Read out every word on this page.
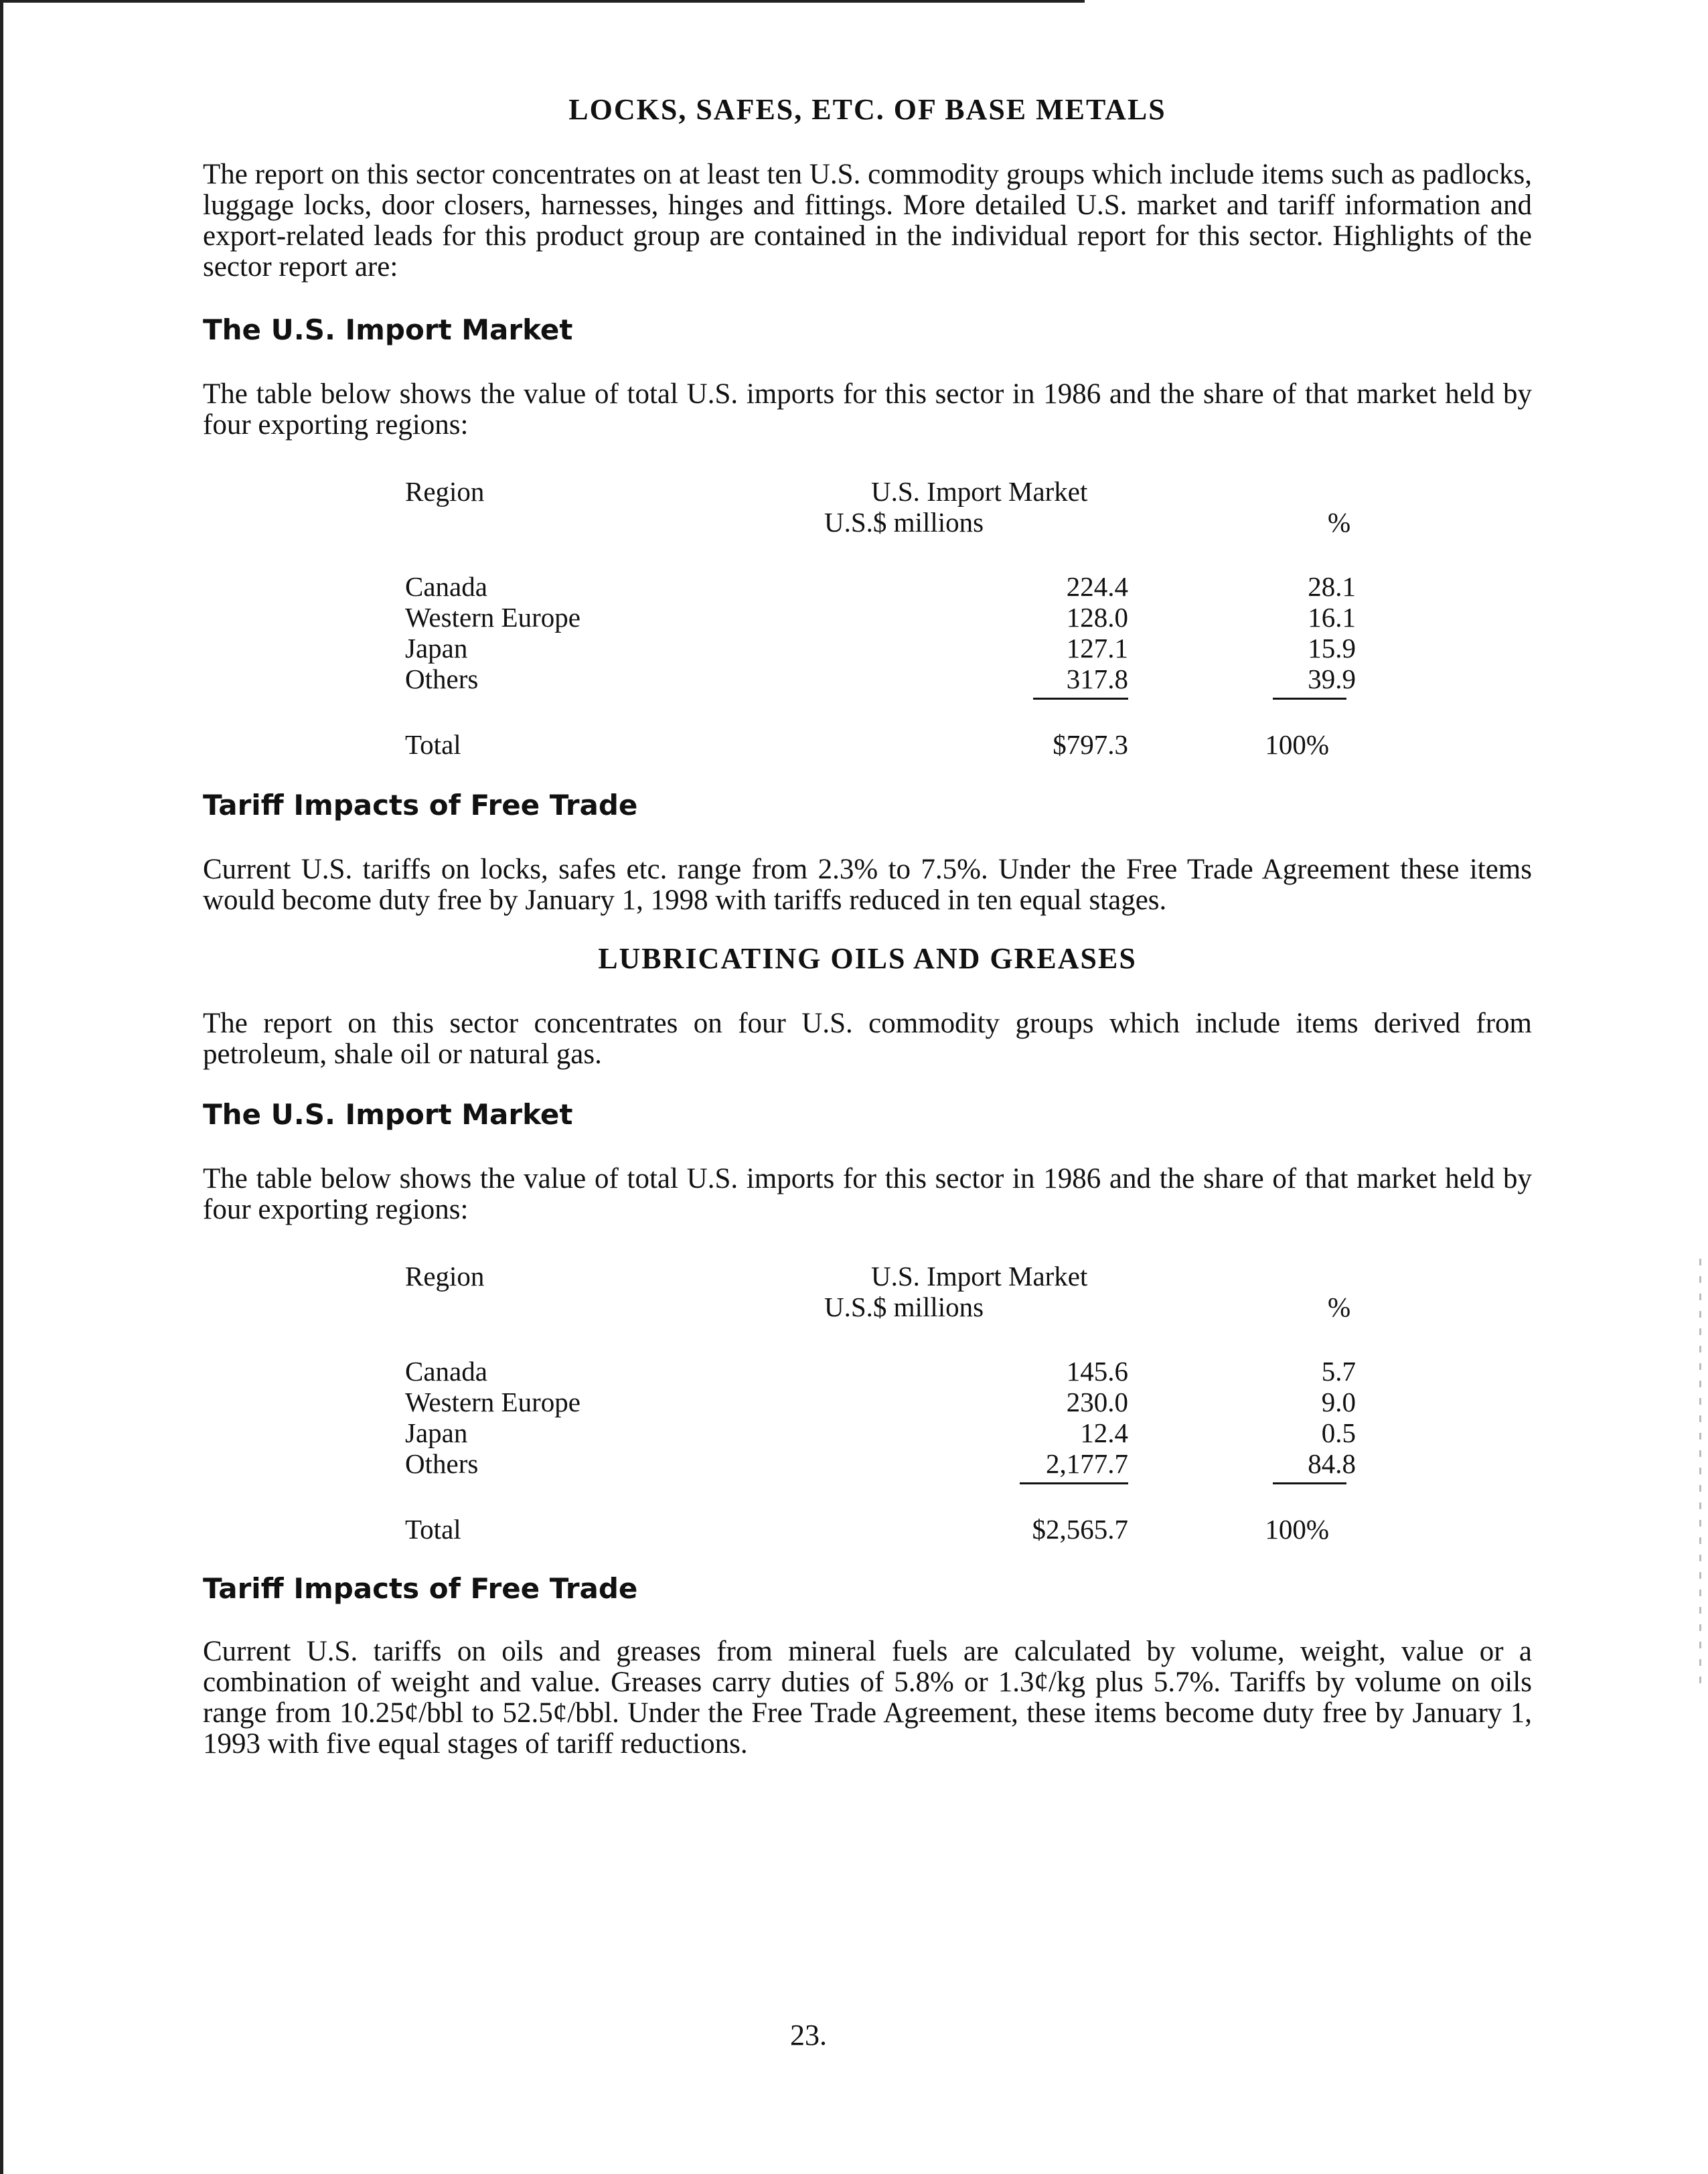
LOCKS, SAFES, ETC. OF BASE METALS

The report on this sector concentrates on at least ten U.S. commodity groups which include items such as padlocks, luggage locks, door closers, harnesses, hinges and fittings. More detailed U.S. market and tariff information and export-related leads for this product group are contained in the individual report for this sector. Highlights of the sector report are:

The U.S. Import Market

The table below shows the value of total U.S. imports for this sector in 1986 and the share of that market held by four exporting regions:

Region	U.S. Import Market
U.S.$ millions	%
Canada	224.4	28.1
Western Europe	128.0	16.1
Japan	127.1	15.9
Others	317.8	39.9
Total	$797.3	100%
Tariff Impacts of Free Trade

Current U.S. tariffs on locks, safes etc. range from 2.3% to 7.5%. Under the Free Trade Agreement these items would become duty free by January 1, 1998 with tariffs reduced in ten equal stages.

LUBRICATING OILS AND GREASES

The report on this sector concentrates on four U.S. commodity groups which include items derived from petroleum, shale oil or natural gas.

The U.S. Import Market

The table below shows the value of total U.S. imports for this sector in 1986 and the share of that market held by four exporting regions:

Region	U.S. Import Market
U.S.$ millions	%
Canada	145.6	5.7
Western Europe	230.0	9.0
Japan	12.4	0.5
Others	2,177.7	84.8
Total	$2,565.7	100%
Tariff Impacts of Free Trade

Current U.S. tariffs on oils and greases from mineral fuels are calculated by volume, weight, value or a combination of weight and value. Greases carry duties of 5.8% or 1.3¢/kg plus 5.7%. Tariffs by volume on oils range from 10.25¢/bbl to 52.5¢/bbl. Under the Free Trade Agreement, these items become duty free by January 1, 1993 with five equal stages of tariff reductions.

23.
